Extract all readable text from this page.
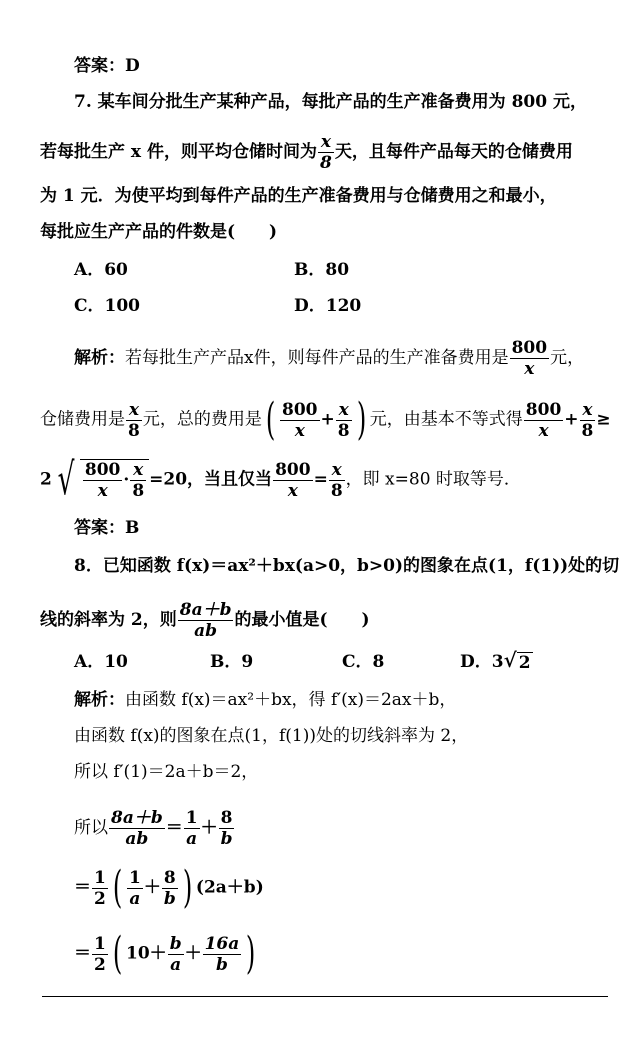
答案：D
7. 某车间分批生产某种产品，每批产品的生产准备费用为 800 元，
若每批生产 x 件，则平均仓储时间为 $\frac{x}{8}$ 天，且每件产品每天的仓储费用
为 1 元．为使平均到每件产品的生产准备费用与仓储费用之和最小，
每批应生产产品的件数是(　　)
A．60	B．80
C．100	D．120
解析：若每批生产产品x件，则每件产品的生产准备费用是 $\frac{800}{x}$ 元，
仓储费用是 $\frac{x}{8}$ 元，总的费用是( $\frac{800}{x} + \frac{x}{8}$ ) 元，由基本不等式得 $\frac{800}{x} + \frac{x}{8}$ ≥
2 √ $\frac{800}{x} \cdot \frac{x}{8} =20$，当且仅当 $\frac{800}{x} = \frac{x}{8}$ ，即 x=80 时取等号．
答案：B
8．已知函数 f(x)＝ax²＋bx(a>0，b>0)的图象在点(1，f(1))处的切
线的斜率为 2，则 $\frac{8a+b}{ab}$ 的最小值是(　　)
A．10	B．9	C．8	D．3√ 2
解析：由函数 f(x)＝ax²＋bx，得 f′(x)＝2ax＋b，
由函数 f(x)的图象在点(1，f(1))处的切线斜率为 2，
所以 f′(1)＝2a＋b＝2，
所以 $\frac{8a+b}{ab} = \frac{1}{a} + \frac{8}{b}$
＝ $\frac{1}{2}$ ( $\frac{1}{a} + \frac{8}{b}$ ) (2a＋b)
＝ $\frac{1}{2}$ ( $10+ \frac{b}{a} + \frac{16a}{b}$ )
